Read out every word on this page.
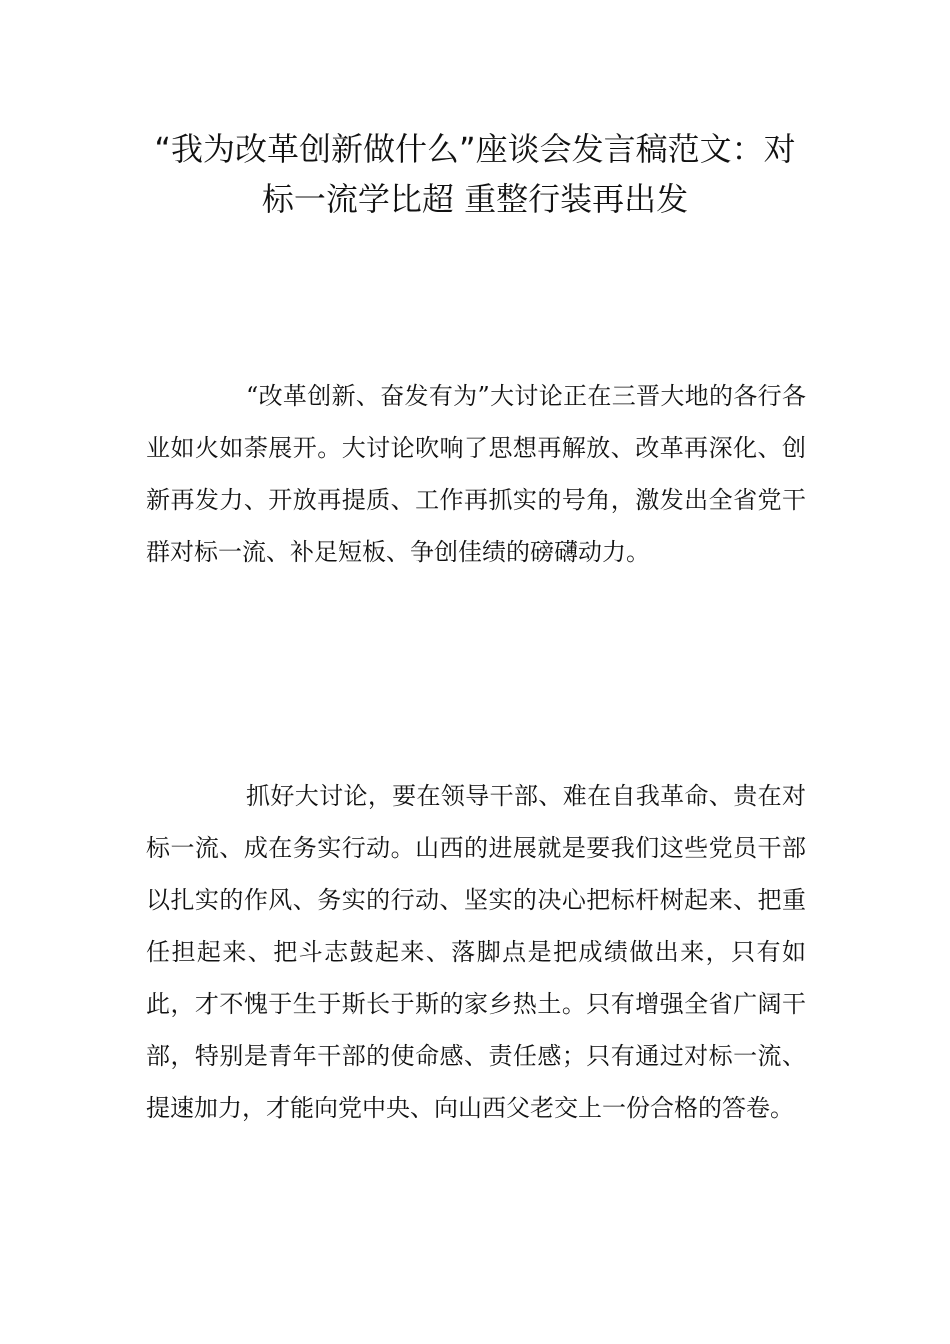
“我为改革创新做什么”座谈会发言稿范文：对标一流学比超 重整行装再出发

“改革创新、奋发有为”大讨论正在三晋大地的各行各业如火如荼展开。大讨论吹响了思想再解放、改革再深化、创新再发力、开放再提质、工作再抓实的号角，激发出全省党干群对标一流、补足短板、争创佳绩的磅礴动力。

抓好大讨论，要在领导干部、难在自我革命、贵在对标一流、成在务实行动。山西的进展就是要我们这些党员干部以扎实的作风、务实的行动、坚实的决心把标杆树起来、把重任担起来、把斗志鼓起来、落脚点是把成绩做出来，只有如此，才不愧于生于斯长于斯的家乡热土。只有增强全省广阔干部，特别是青年干部的使命感、责任感；只有通过对标一流、提速加力，才能向党中央、向山西父老交上一份合格的答卷。
